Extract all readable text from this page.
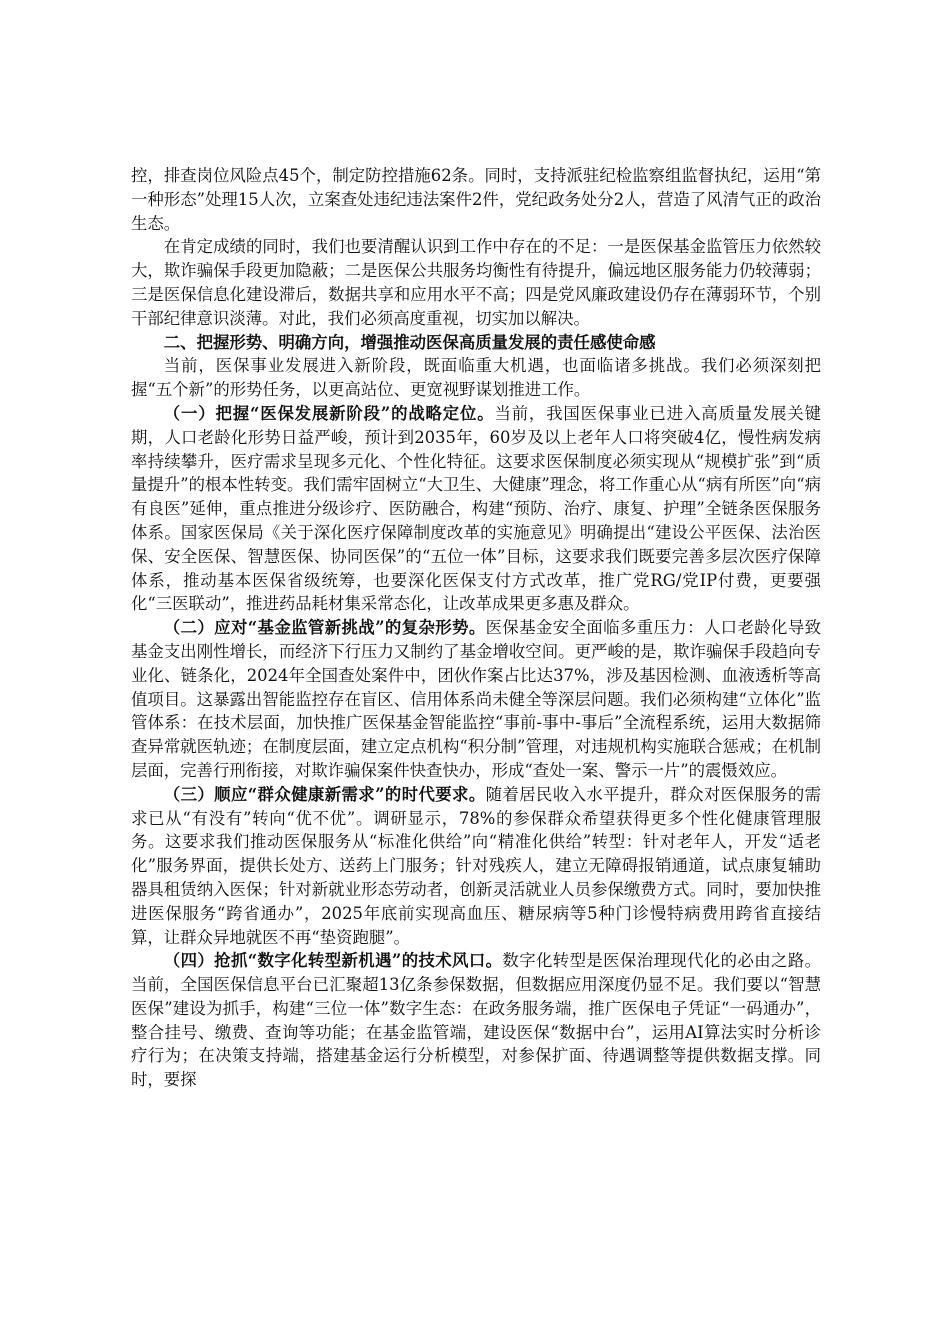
控，排查岗位风险点45个，制定防控措施62条。同时，支持派驻纪检监察组监督执纪，运用“第一种形态”处理15人次，立案查处违纪违法案件2件，党纪政务处分2人，营造了风清气正的政治生态。

在肯定成绩的同时，我们也要清醒认识到工作中存在的不足：一是医保基金监管压力依然较大，欺诈骗保手段更加隐蔽；二是医保公共服务均衡性有待提升，偏远地区服务能力仍较薄弱；三是医保信息化建设滞后，数据共享和应用水平不高；四是党风廉政建设仍存在薄弱环节，个别干部纪律意识淡薄。对此，我们必须高度重视，切实加以解决。

二、把握形势、明确方向，增强推动医保高质量发展的责任感使命感

当前，医保事业发展进入新阶段，既面临重大机遇，也面临诸多挑战。我们必须深刻把握“五个新”的形势任务，以更高站位、更宽视野谋划推进工作。

（一）把握“医保发展新阶段”的战略定位。当前，我国医保事业已进入高质量发展关键期，人口老龄化形势日益严峻，预计到2035年，60岁及以上老年人口将突破4亿，慢性病发病率持续攀升，医疗需求呈现多元化、个性化特征。这要求医保制度必须实现从“规模扩张”到“质量提升”的根本性转变。我们需牢固树立“大卫生、大健康”理念，将工作重心从“病有所医”向“病有良医”延伸，重点推进分级诊疗、医防融合，构建“预防、治疗、康复、护理”全链条医保服务体系。国家医保局《关于深化医疗保障制度改革的实施意见》明确提出“建设公平医保、法治医保、安全医保、智慧医保、协同医保”的“五位一体”目标，这要求我们既要完善多层次医疗保障体系，推动基本医保省级统筹，也要深化医保支付方式改革，推广党RG/党IP付费，更要强化“三医联动”，推进药品耗材集采常态化，让改革成果更多惠及群众。

（二）应对“基金监管新挑战”的复杂形势。医保基金安全面临多重压力：人口老龄化导致基金支出刚性增长，而经济下行压力又制约了基金增收空间。更严峻的是，欺诈骗保手段趋向专业化、链条化，2024年全国查处案件中，团伙作案占比达37%，涉及基因检测、血液透析等高值项目。这暴露出智能监控存在盲区、信用体系尚未健全等深层问题。我们必须构建“立体化”监管体系：在技术层面，加快推广医保基金智能监控“事前-事中-事后”全流程系统，运用大数据筛查异常就医轨迹；在制度层面，建立定点机构“积分制”管理，对违规机构实施联合惩戒；在机制层面，完善行刑衔接，对欺诈骗保案件快查快办，形成“查处一案、警示一片”的震慑效应。

（三）顺应“群众健康新需求”的时代要求。随着居民收入水平提升，群众对医保服务的需求已从“有没有”转向“优不优”。调研显示，78%的参保群众希望获得更多个性化健康管理服务。这要求我们推动医保服务从“标准化供给”向“精准化供给”转型：针对老年人，开发“适老化”服务界面，提供长处方、送药上门服务；针对残疾人，建立无障碍报销通道，试点康复辅助器具租赁纳入医保；针对新就业形态劳动者，创新灵活就业人员参保缴费方式。同时，要加快推进医保服务“跨省通办”，2025年底前实现高血压、糖尿病等5种门诊慢特病费用跨省直接结算，让群众异地就医不再“垫资跑腿”。

（四）抢抓“数字化转型新机遇”的技术风口。数字化转型是医保治理现代化的必由之路。当前，全国医保信息平台已汇聚超13亿条参保数据，但数据应用深度仍显不足。我们要以“智慧医保”建设为抓手，构建“三位一体”数字生态：在政务服务端，推广医保电子凭证“一码通办”，整合挂号、缴费、查询等功能；在基金监管端，建设医保“数据中台”，运用AI算法实时分析诊疗行为；在决策支持端，搭建基金运行分析模型，对参保扩面、待遇调整等提供数据支撑。同时，要探
